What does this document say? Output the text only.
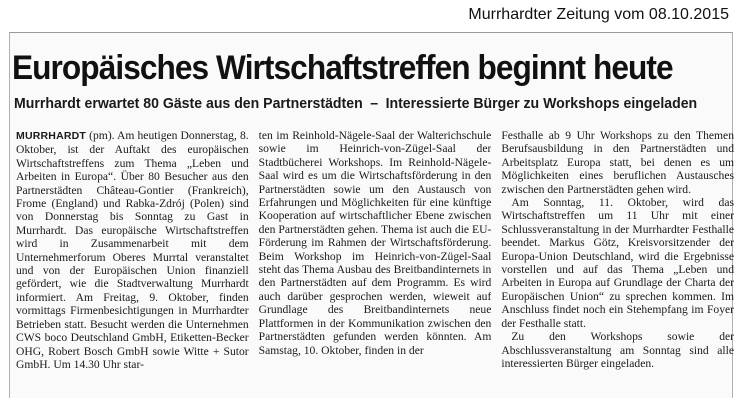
Murrhardter Zeitung vom 08.10.2015
Europäisches Wirtschaftstreffen beginnt heute
Murrhardt erwartet 80 Gäste aus den Partnerstädten – Interessierte Bürger zu Workshops eingeladen

MURRHARDT (pm). Am heutigen Donnerstag, 8. Oktober, ist der Auftakt des europäischen Wirtschaftstreffens zum Thema „Leben und Arbeiten in Europa“. Über 80 Besucher aus den Partnerstädten Château-Gontier (Frankreich), Frome (England) und Rabka-Zdrój (Polen) sind von Donnerstag bis Sonntag zu Gast in Murrhardt. Das europäische Wirtschaftstreffen wird in Zusammenarbeit mit dem Unternehmerforum Oberes Murrtal veranstaltet und von der Europäischen Union finanziell gefördert, wie die Stadtverwaltung Murrhardt informiert. Am Freitag, 9. Oktober, finden vormittags Firmenbesichtigungen in Murrhardter Betrieben statt. Besucht werden die Unternehmen CWS boco Deutschland GmbH, Etiketten-Becker OHG, Robert Bosch GmbH sowie Witte + Sutor GmbH. Um 14.30 Uhr star-

ten im Reinhold-Nägele-Saal der Walterichschule sowie im Heinrich-von-Zügel-Saal der Stadtbücherei Workshops. Im Reinhold-Nägele-Saal wird es um die Wirtschaftsförderung in den Partnerstädten sowie um den Austausch von Erfahrungen und Möglichkeiten für eine künftige Kooperation auf wirtschaftlicher Ebene zwischen den Partnerstädten gehen. Thema ist auch die EU-Förderung im Rahmen der Wirtschaftsförderung. Beim Workshop im Heinrich-von-Zügel-Saal steht das Thema Ausbau des Breitbandinternets in den Partnerstädten auf dem Programm. Es wird auch darüber gesprochen werden, wieweit auf Grundlage des Breitbandinternets neue Plattformen in der Kommunikation zwischen den Partnerstädten gefunden werden könnten. Am Samstag, 10. Oktober, finden in der

Festhalle ab 9 Uhr Workshops zu den Themen Berufsausbildung in den Partnerstädten und Arbeitsplatz Europa statt, bei denen es um Möglichkeiten eines beruflichen Austausches zwischen den Partnerstädten gehen wird.

Am Sonntag, 11. Oktober, wird das Wirtschaftstreffen um 11 Uhr mit einer Schlussveranstaltung in der Murrhardter Festhalle beendet. Markus Götz, Kreisvorsitzender der Europa-Union Deutschland, wird die Ergebnisse vorstellen und auf das Thema „Leben und Arbeiten in Europa auf Grundlage der Charta der Europäischen Union“ zu sprechen kommen. Im Anschluss findet noch ein Stehempfang im Foyer der Festhalle statt.

Zu den Workshops sowie der Abschlussveranstaltung am Sonntag sind alle interessierten Bürger eingeladen.
